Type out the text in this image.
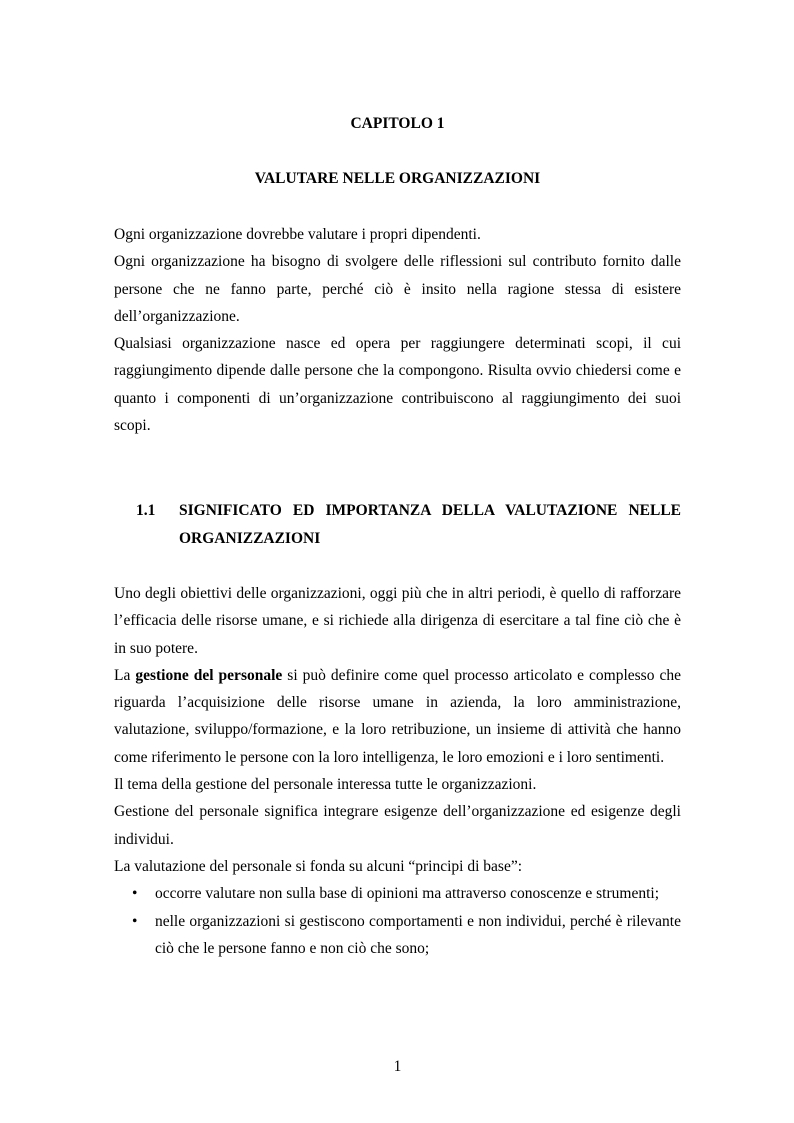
CAPITOLO 1
VALUTARE NELLE ORGANIZZAZIONI

Ogni organizzazione dovrebbe valutare i propri dipendenti.

Ogni organizzazione ha bisogno di svolgere delle riflessioni sul contributo fornito dalle persone che ne fanno parte, perché ciò è insito nella ragione stessa di esistere dell’organizzazione.

Qualsiasi organizzazione nasce ed opera per raggiungere determinati scopi, il cui raggiungimento dipende dalle persone che la compongono. Risulta ovvio chiedersi come e quanto i componenti di un’organizzazione contribuiscono al raggiungimento dei suoi scopi.

1.1	SIGNIFICATO ED IMPORTANZA DELLA VALUTAZIONE NELLE ORGANIZZAZIONI

Uno degli obiettivi delle organizzazioni, oggi più che in altri periodi, è quello di rafforzare l’efficacia delle risorse umane, e si richiede alla dirigenza di esercitare a tal fine ciò che è in suo potere.

La gestione del personale si può definire come quel processo articolato e complesso che riguarda l’acquisizione delle risorse umane in azienda, la loro amministrazione, valutazione, sviluppo/formazione, e la loro retribuzione, un insieme di attività che hanno come riferimento le persone con la loro intelligenza, le loro emozioni e i loro sentimenti.

Il tema della gestione del personale interessa tutte le organizzazioni.

Gestione del personale significa integrare esigenze dell’organizzazione ed esigenze degli individui.

La valutazione del personale si fonda su alcuni “principi di base”:

• occorre valutare non sulla base di opinioni ma attraverso conoscenze e strumenti;
• nelle organizzazioni si gestiscono comportamenti e non individui, perché è rilevante ciò che le persone fanno e non ciò che sono;
1
